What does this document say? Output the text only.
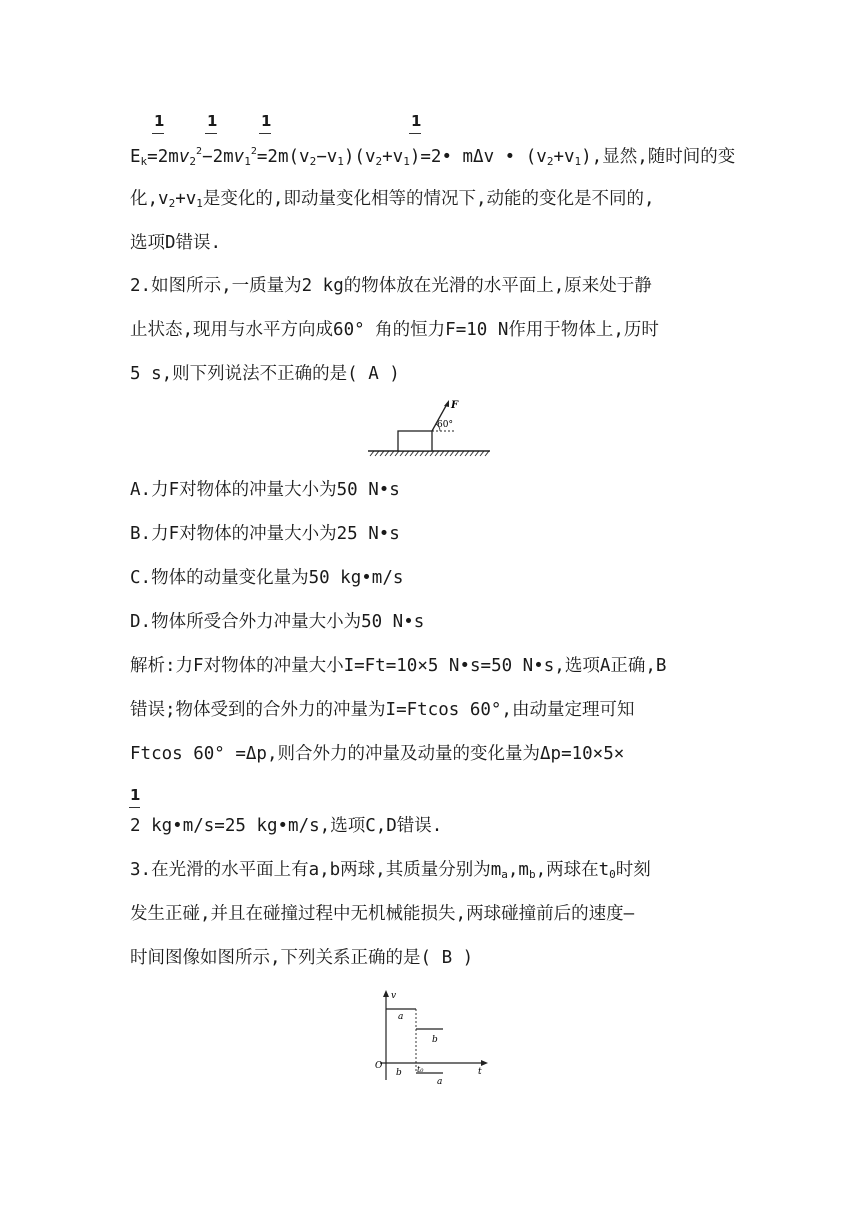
1	1	1	1
$E_k=2mv_2^2-2mv_1^2=2m(v_2-v_1)(v_2+v_1)=2•$ mΔv • $(v_2+v_1)$,显然,随时间的变
化$,v_2+v_1$是变化的,即动量变化相等的情况下,动能的变化是不同的,
选项D错误.
2.如图所示,一质量为2 kg的物体放在光滑的水平面上,原来处于静
止状态,现用与水平方向成60° 角的恒力F=10 N作用于物体上,历时
5 s,则下列说法不正确的是( A )
F
60°
A.力F对物体的冲量大小为50 N•s
B.力F对物体的冲量大小为25 N•s
C.物体的动量变化量为50 kg•m/s
D.物体所受合外力冲量大小为50 N•s
解析:力F对物体的冲量大小I=Ft=10×5 N•s=50 N•s,选项A正确,B
错误;物体受到的合外力的冲量为I=Ftcos 60°,由动量定理可知
Ftcos 60° =Δp,则合外力的冲量及动量的变化量为Δp=10×5×
1
2 kg•m/s=25 kg•m/s,选项C,D错误.
3.在光滑的水平面上有a,b两球,其质量分别为$m_a,m_b$,两球在$t_0$时刻
发生正碰,并且在碰撞过程中无机械能损失,两球碰撞前后的速度—
时间图像如图所示,下列关系正确的是( B )
v
t
O
a
b
b t₀
a
